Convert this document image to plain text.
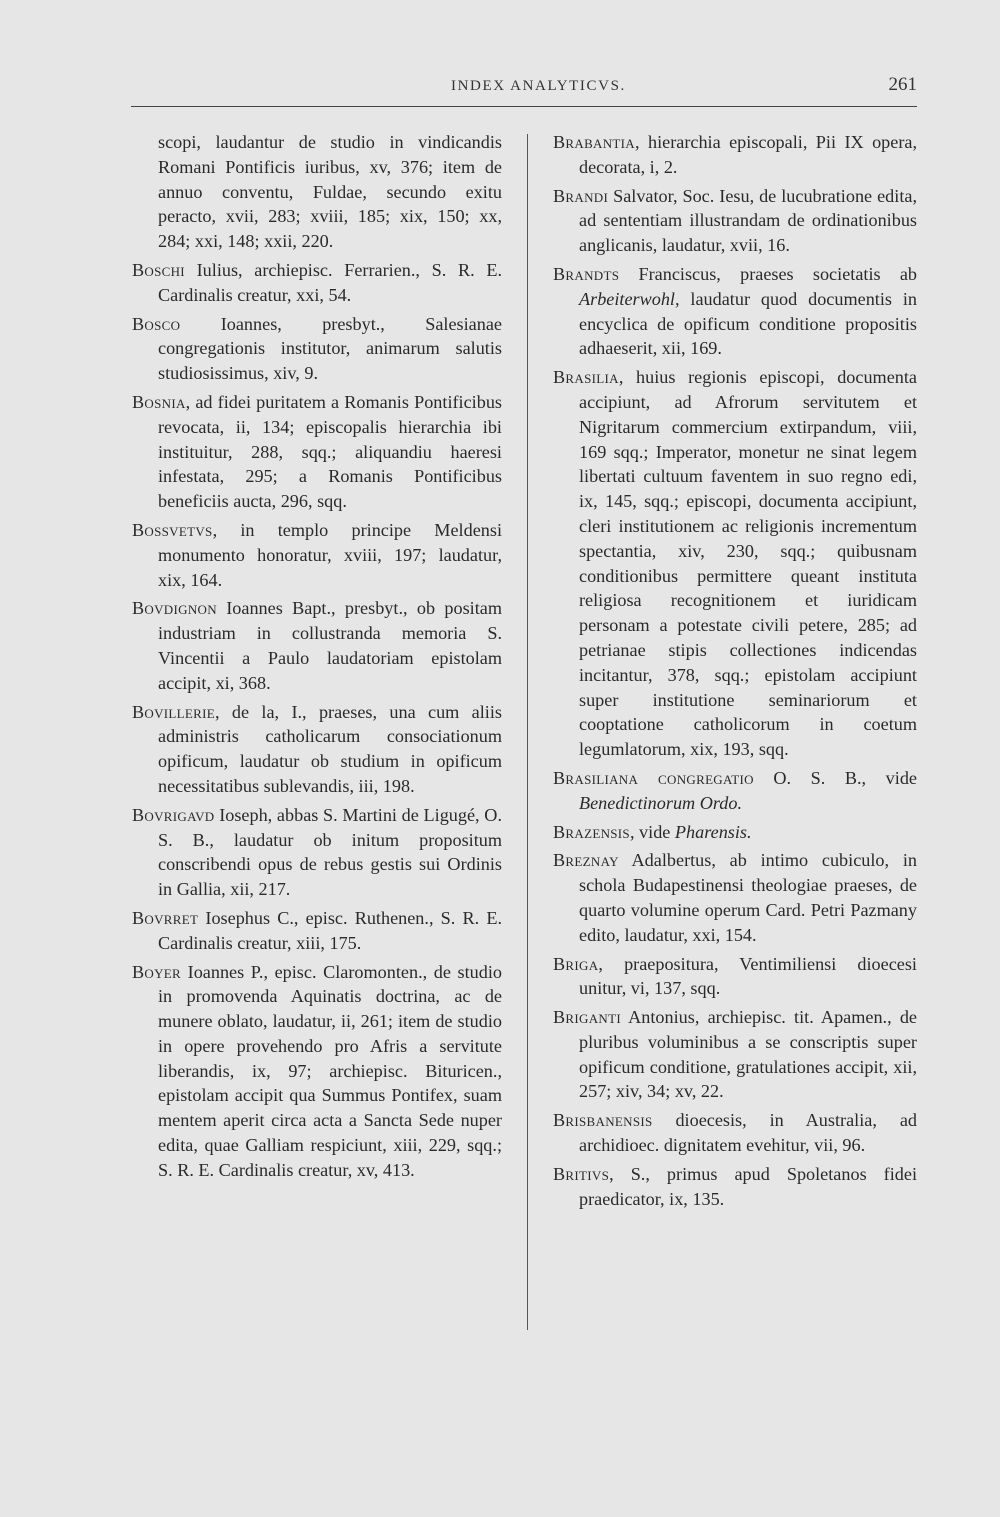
INDEX ANALYTICVS.	261

scopi, laudantur de studio in vindicandis Romani Pontificis iuribus, xv, 376; item de annuo conventu, Fuldae, secundo exitu peracto, xvii, 283; xviii, 185; xix, 150; xx, 284; xxi, 148; xxii, 220.

Boschi Iulius, archiepisc. Ferrarien., S. R. E. Cardinalis creatur, xxi, 54.

Bosco Ioannes, presbyt., Salesianae congregationis institutor, animarum salutis studiosissimus, xiv, 9.

Bosnia, ad fidei puritatem a Romanis Pontificibus revocata, ii, 134; episcopalis hierarchia ibi instituitur, 288, sqq.; aliquandiu haeresi infestata, 295; a Romanis Pontificibus beneficiis aucta, 296, sqq.

Bossvetvs, in templo principe Meldensi monumento honoratur, xviii, 197; laudatur, xix, 164.

Bovdignon Ioannes Bapt., presbyt., ob positam industriam in collustranda memoria S. Vincentii a Paulo laudatoriam epistolam accipit, xi, 368.

Bovillerie, de la, I., praeses, una cum aliis administris catholicarum consociationum opificum, laudatur ob studium in opificum necessitatibus sublevandis, iii, 198.

Bovrigavd Ioseph, abbas S. Martini de Ligugé, O. S. B., laudatur ob initum propositum conscribendi opus de rebus gestis sui Ordinis in Gallia, xii, 217.

Bovrret Iosephus C., episc. Ruthenen., S. R. E. Cardinalis creatur, xiii, 175.

Boyer Ioannes P., episc. Claromonten., de studio in promovenda Aquinatis doctrina, ac de munere oblato, laudatur, ii, 261; item de studio in opere provehendo pro Afris a servitute liberandis, ix, 97; archiepisc. Bituricen., epistolam accipit qua Summus Pontifex, suam mentem aperit circa acta a Sancta Sede nuper edita, quae Galliam respiciunt, xiii, 229, sqq.; S. R. E. Cardinalis creatur, xv, 413.

Brabantia, hierarchia episcopali, Pii IX opera, decorata, i, 2.

Brandi Salvator, Soc. Iesu, de lucubratione edita, ad sententiam illustrandam de ordinationibus anglicanis, laudatur, xvii, 16.

Brandts Franciscus, praeses societatis ab Arbeiterwohl, laudatur quod documentis in encyclica de opificum conditione propositis adhaeserit, xii, 169.

Brasilia, huius regionis episcopi, documenta accipiunt, ad Afrorum servitutem et Nigritarum commercium extirpandum, viii, 169 sqq.; Imperator, monetur ne sinat legem libertati cultuum faventem in suo regno edi, ix, 145, sqq.; episcopi, documenta accipiunt, cleri institutionem ac religionis incrementum spectantia, xiv, 230, sqq.; quibusnam conditionibus permittere queant instituta religiosa recognitionem et iuridicam personam a potestate civili petere, 285; ad petrianae stipis collectiones indicendas incitantur, 378, sqq.; epistolam accipiunt super institutione seminariorum et cooptatione catholicorum in coetum legumlatorum, xix, 193, sqq.

Brasiliana congregatio O. S. B., vide Benedictinorum Ordo.

Brazensis, vide Pharensis.

Breznay Adalbertus, ab intimo cubiculo, in schola Budapestinensi theologiae praeses, de quarto volumine operum Card. Petri Pazmany edito, laudatur, xxi, 154.

Briga, praepositura, Ventimiliensi dioecesi unitur, vi, 137, sqq.

Briganti Antonius, archiepisc. tit. Apamen., de pluribus voluminibus a se conscriptis super opificum conditione, gratulationes accipit, xii, 257; xiv, 34; xv, 22.

Brisbanensis dioecesis, in Australia, ad archidioec. dignitatem evehitur, vii, 96.

Britivs, S., primus apud Spoletanos fidei praedicator, ix, 135.
